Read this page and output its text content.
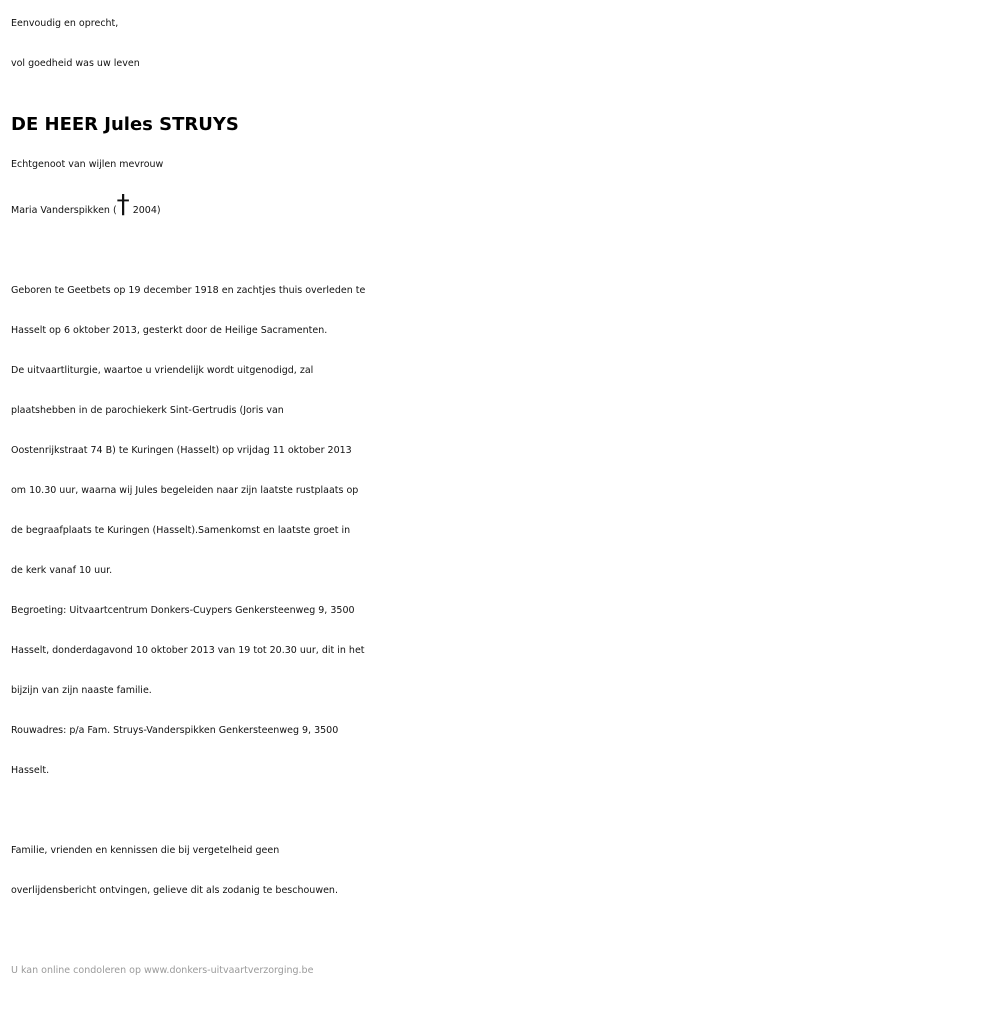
Eenvoudig en oprecht,
vol goedheid was uw leven
DE HEER Jules STRUYS
Echtgenoot van wijlen mevrouw
Maria Vanderspikken († 2004)
Geboren te Geetbets op 19 december 1918 en zachtjes thuis overleden te
Hasselt op 6 oktober 2013, gesterkt door de Heilige Sacramenten.
De uitvaartliturgie, waartoe u vriendelijk wordt uitgenodigd, zal
plaatshebben in de parochiekerk Sint-Gertrudis (Joris van
Oostenrijkstraat 74 B) te Kuringen (Hasselt) op vrijdag 11 oktober 2013
om 10.30 uur, waarna wij Jules begeleiden naar zijn laatste rustplaats op
de begraafplaats te Kuringen (Hasselt).Samenkomst en laatste groet in
de kerk vanaf 10 uur.
Begroeting: Uitvaartcentrum Donkers-Cuypers Genkersteenweg 9, 3500
Hasselt, donderdagavond 10 oktober 2013 van 19 tot 20.30 uur, dit in het
bijzijn van zijn naaste familie.
Rouwadres: p/a Fam. Struys-Vanderspikken Genkersteenweg 9, 3500
Hasselt.
Familie, vrienden en kennissen die bij vergetelheid geen
overlijdensbericht ontvingen, gelieve dit als zodanig te beschouwen.
U kan online condoleren op www.donkers-uitvaartverzorging.be
